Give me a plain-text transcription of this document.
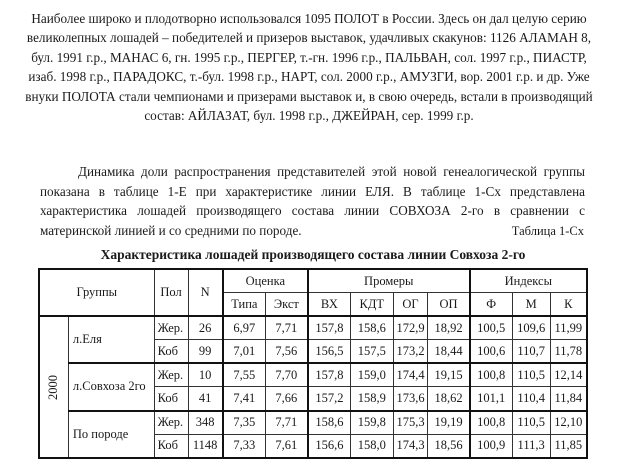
Наиболее широко и плодотворно использовался 1095 ПОЛОТ в России. Здесь он дал целую серию великолепных лошадей – победителей и призеров выставок, удачливых скакунов: 1126 АЛАМАН 8, бул. 1991 г.р., МАНАС 6, гн. 1995 г.р., ПЕРГЕР, т.-гн. 1996 г.р., ПАЛЬВАН, сол. 1997 г.р., ПИАСТР, изаб. 1998 г.р., ПАРАДОКС, т.-бул. 1998 г.р., НАРТ, сол. 2000 г.р., АМУЗГИ, вор. 2001 г.р. и др. Уже внуки ПОЛОТА стали чемпионами и призерами выставок и, в свою очередь, встали в производящий состав: АЙЛАЗАТ, бул. 1998 г.р., ДЖЕЙРАН, сер. 1999 г.р.

Динамика доли распространения представителей этой новой генеалогической группы показана в таблице 1-Е при характеристике линии ЕЛЯ. В таблице 1-Сх представлена характеристика лошадей производящего состава линии СОВХОЗА 2-го в сравнении с материнской линией и со средними по породе.	Таблица 1-Сх

Характеристика лошадей производящего состава линии Совхоза 2-го

Группы		Пол	N	Оценка		Промеры				Индексы		
				Типа	Экст	ВХ	КДТ	ОГ	ОП	Ф	М	К
2000	л.Еля	Жер.	26	6,97	7,71	157,8	158,6	172,9	18,92	100,5	109,6	11,99
		Коб	99	7,01	7,56	156,5	157,5	173,2	18,44	100,6	110,7	11,78
	л.Совхоза 2го	Жер.	10	7,55	7,70	157,8	159,0	174,4	19,15	100,8	110,5	12,14
		Коб	41	7,41	7,66	157,2	158,9	173,6	18,62	101,1	110,4	11,84
	По породе	Жер.	348	7,35	7,71	158,6	159,8	175,3	19,19	100,8	110,5	12,10
		Коб	1148	7,33	7,61	156,6	158,0	174,3	18,56	100,9	111,3	11,85
